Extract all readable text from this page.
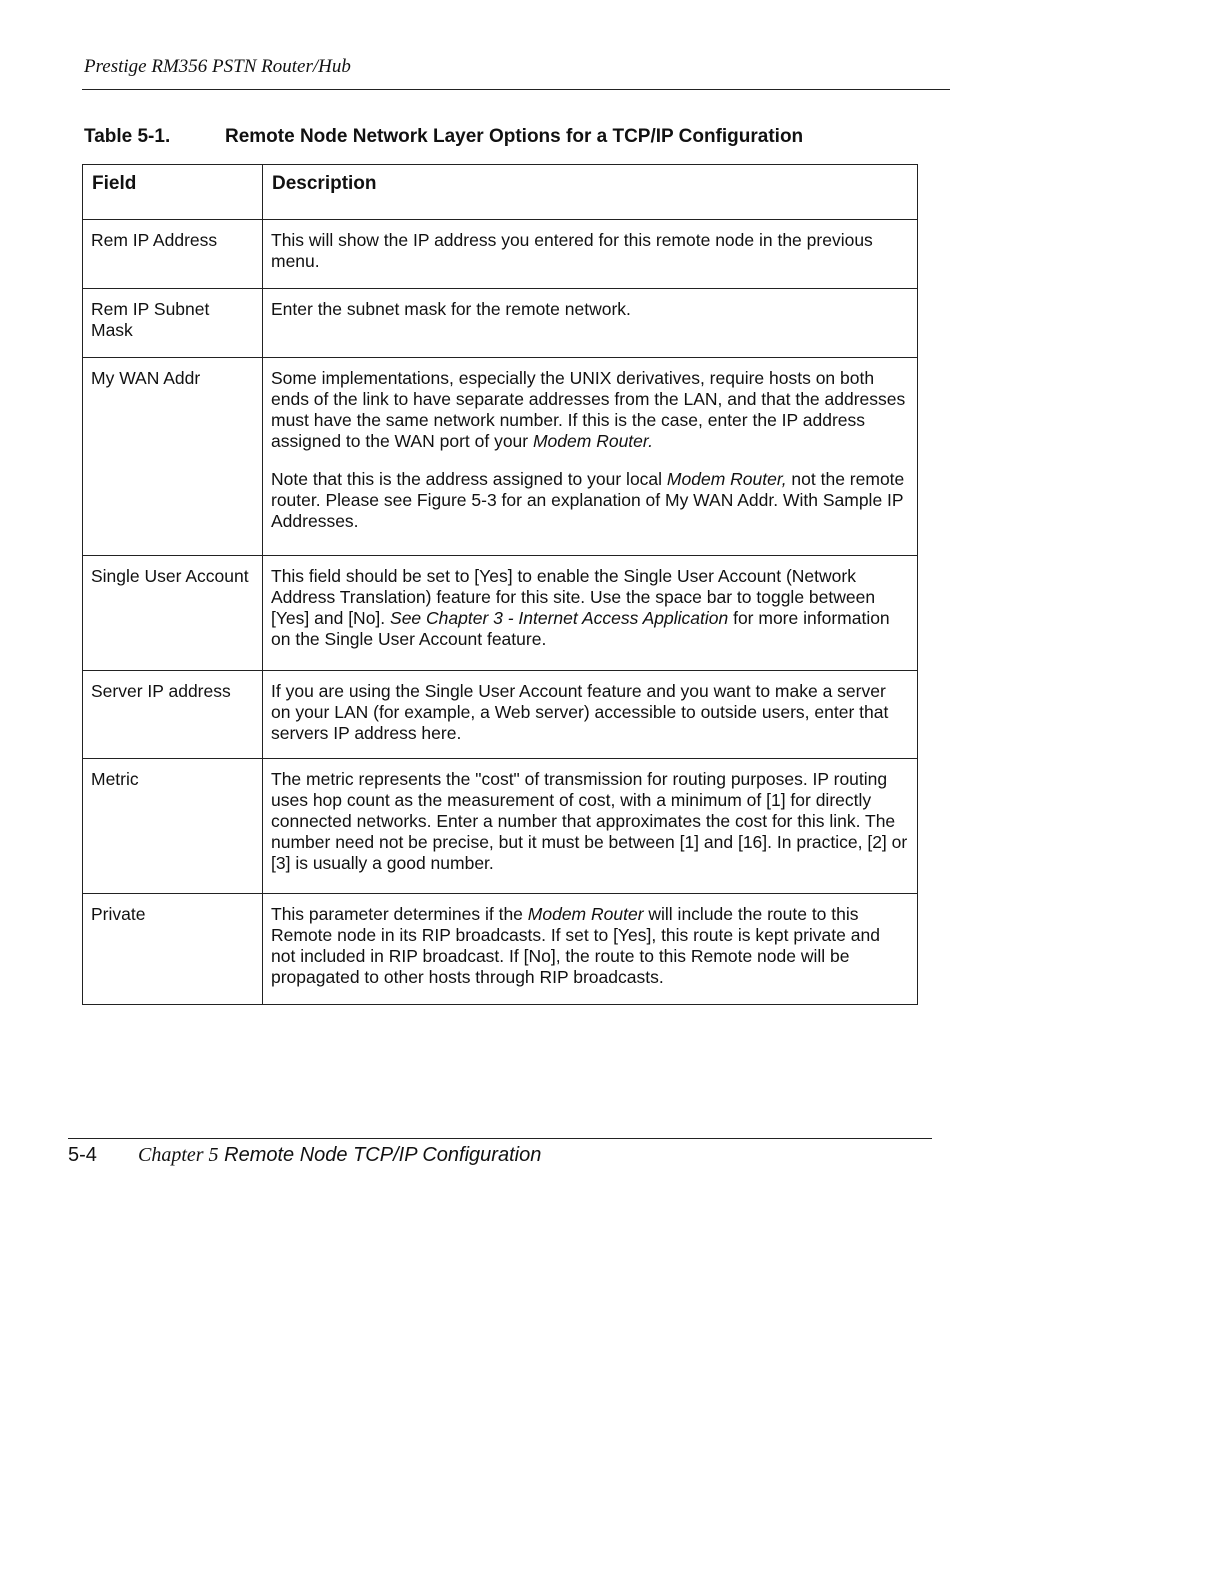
Prestige RM356 PSTN Router/Hub
Table 5-1.	Remote Node Network Layer Options for a TCP/IP Configuration
Field	Description
Rem IP Address	This will show the IP address you entered for this remote node in the previous menu.
Rem IP Subnet Mask	Enter the subnet mask for the remote network.
My WAN Addr	Some implementations, especially the UNIX derivatives, require hosts on both ends of the link to have separate addresses from the LAN, and that the addresses must have the same network number. If this is the case, enter the IP address assigned to the WAN port of your Modem Router.

Note that this is the address assigned to your local Modem Router, not the remote router. Please see Figure 5-3 for an explanation of My WAN Addr. With Sample IP Addresses.

Single User Account	This field should be set to [Yes] to enable the Single User Account (Network Address Translation) feature for this site. Use the space bar to toggle between [Yes] and [No]. See Chapter 3 - Internet Access Application for more information on the Single User Account feature.
Server IP address	If you are using the Single User Account feature and you want to make a server on your LAN (for example, a Web server) accessible to outside users, enter that servers IP address here.
Metric	The metric represents the "cost" of transmission for routing purposes. IP routing uses hop count as the measurement of cost, with a minimum of [1] for directly connected networks. Enter a number that approximates the cost for this link. The number need not be precise, but it must be between [1] and [16]. In practice, [2] or [3] is usually a good number.
Private	This parameter determines if the Modem Router will include the route to this Remote node in its RIP broadcasts. If set to [Yes], this route is kept private and not included in RIP broadcast. If [No], the route to this Remote node will be propagated to other hosts through RIP broadcasts.
5-4 Chapter 5 Remote Node TCP/IP Configuration
